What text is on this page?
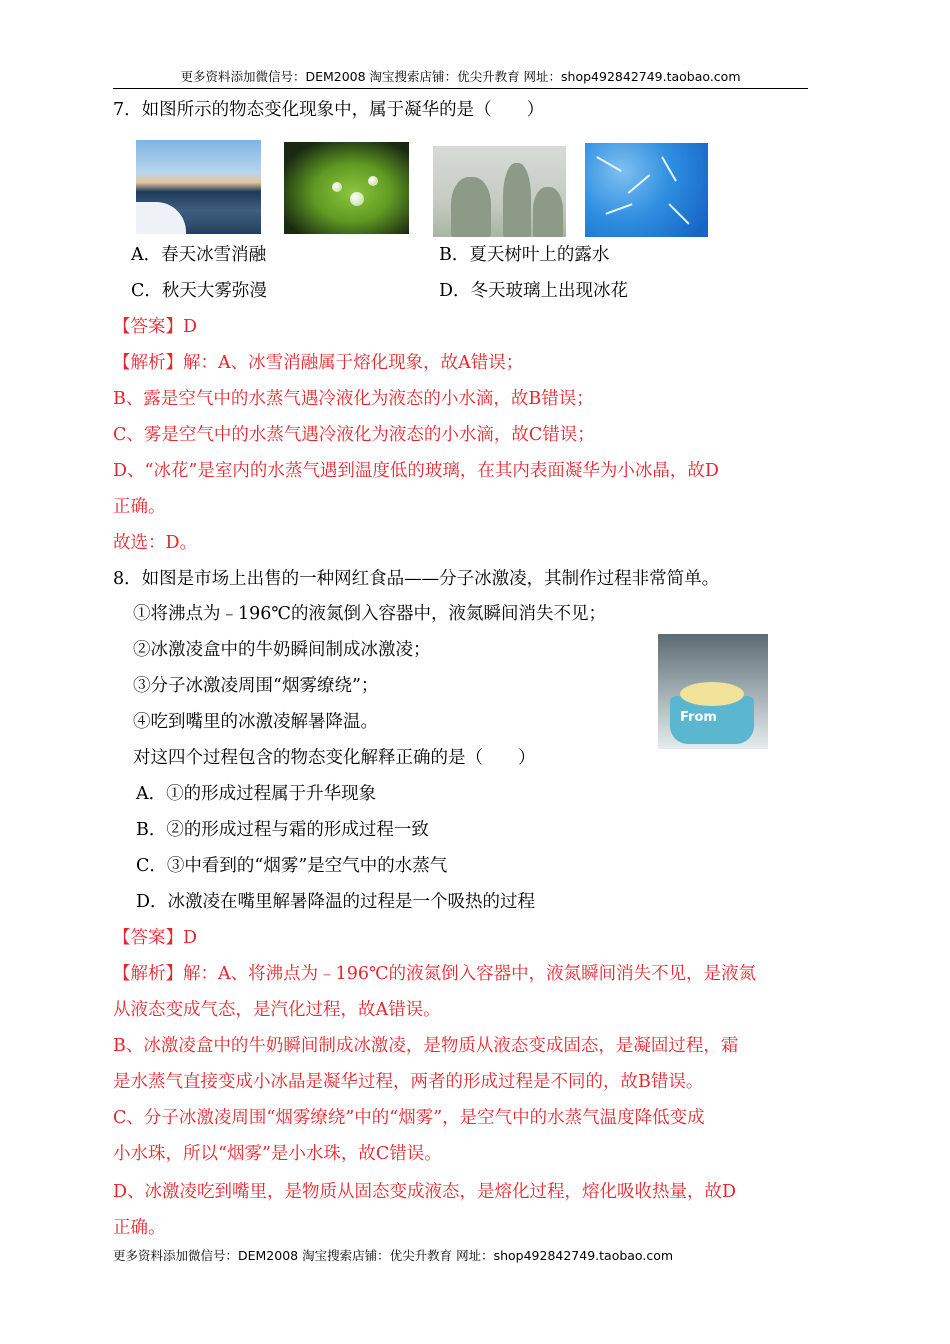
更多资料添加微信号：DEM2008 淘宝搜索店铺：优尖升教育 网址：shop492842749.taobao.com
7．如图所示的物态变化现象中，属于凝华的是（　　）
A．春天冰雪消融	B．夏天树叶上的露水
C．秋天大雾弥漫	D．冬天玻璃上出现冰花
【答案】D
【解析】解：A、冰雪消融属于熔化现象，故A错误；
B、露是空气中的水蒸气遇冷液化为液态的小水滴，故B错误；
C、雾是空气中的水蒸气遇冷液化为液态的小水滴，故C错误；
D、“冰花”是室内的水蒸气遇到温度低的玻璃，在其内表面凝华为小冰晶，故D
正确。
故选：D。
8．如图是市场上出售的一种网红食品——分子冰激凌，其制作过程非常简单。
①将沸点为﹣196℃的液氮倒入容器中，液氮瞬间消失不见；
②冰激凌盒中的牛奶瞬间制成冰激凌；
③分子冰激凌周围“烟雾缭绕”；
④吃到嘴里的冰激凌解暑降温。
对这四个过程包含的物态变化解释正确的是（　　）
From
A．①的形成过程属于升华现象
B．②的形成过程与霜的形成过程一致
C．③中看到的“烟雾”是空气中的水蒸气
D．冰激凌在嘴里解暑降温的过程是一个吸热的过程
【答案】D
【解析】解：A、将沸点为﹣196℃的液氮倒入容器中，液氮瞬间消失不见，是液氮
从液态变成气态，是汽化过程，故A错误。
B、冰激凌盒中的牛奶瞬间制成冰激凌，是物质从液态变成固态，是凝固过程，霜
是水蒸气直接变成小冰晶是凝华过程，两者的形成过程是不同的，故B错误。
C、分子冰激凌周围“烟雾缭绕”中的“烟雾”，是空气中的水蒸气温度降低变成
小水珠，所以“烟雾”是小水珠，故C错误。
D、冰激凌吃到嘴里，是物质从固态变成液态，是熔化过程，熔化吸收热量，故D
正确。
更多资料添加微信号：DEM2008 淘宝搜索店铺：优尖升教育 网址：shop492842749.taobao.com
